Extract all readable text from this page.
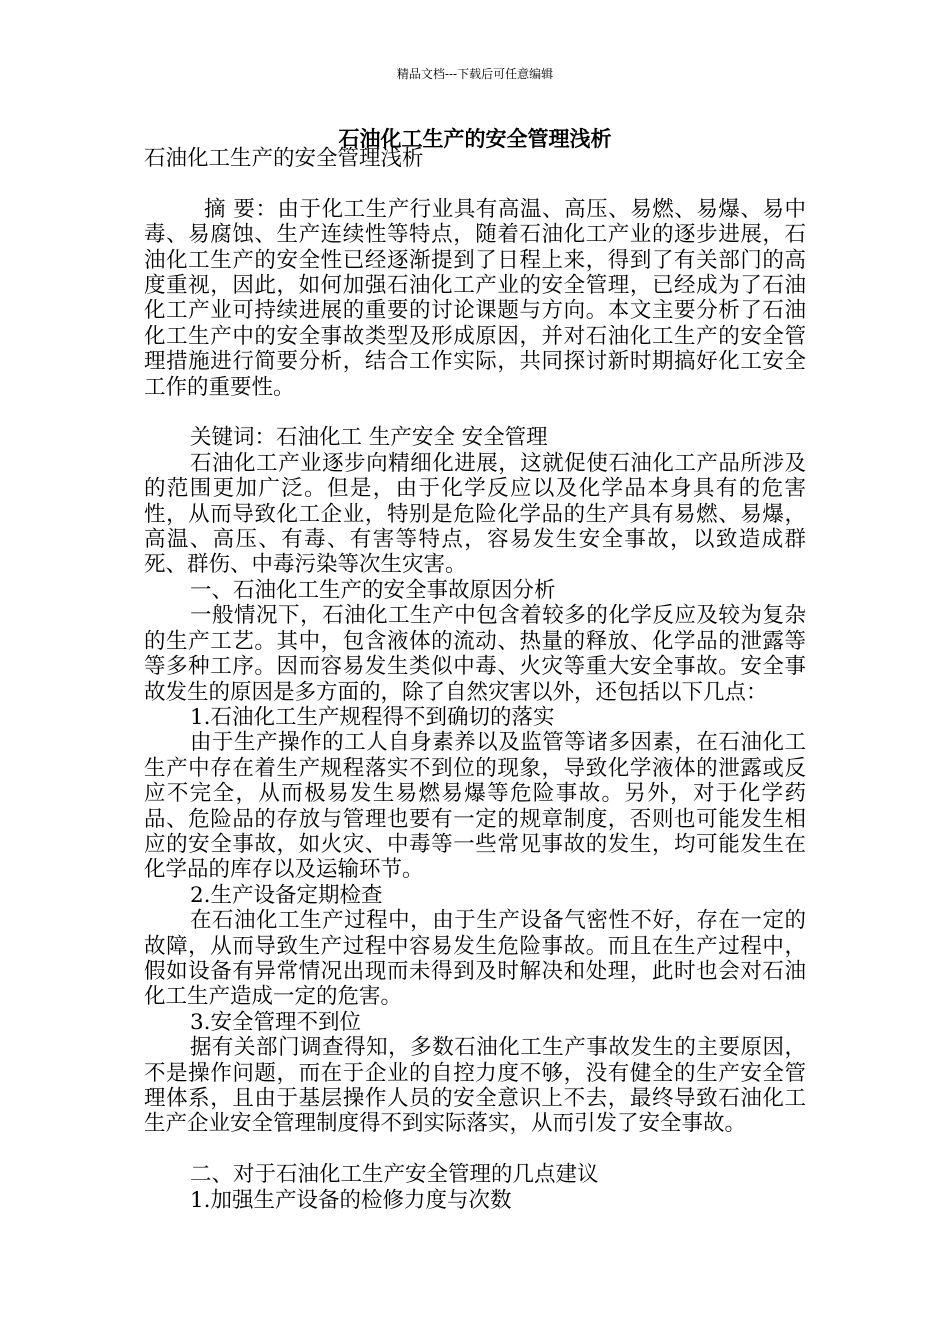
精品文档---下载后可任意编辑
石油化工生产的安全管理浅析

石油化工生产的安全管理浅析

摘 要：由于化工生产行业具有高温、高压、易燃、易爆、易中毒、易腐蚀、生产连续性等特点，随着石油化工产业的逐步进展，石油化工生产的安全性已经逐渐提到了日程上来，得到了有关部门的高度重视，因此，如何加强石油化工产业的安全管理，已经成为了石油化工产业可持续进展的重要的讨论课题与方向。本文主要分析了石油化工生产中的安全事故类型及形成原因，并对石油化工生产的安全管理措施进行简要分析，结合工作实际，共同探讨新时期搞好化工安全工作的重要性。

关键词：石油化工 生产安全 安全管理

石油化工产业逐步向精细化进展，这就促使石油化工产品所涉及的范围更加广泛。但是，由于化学反应以及化学品本身具有的危害性，从而导致化工企业，特别是危险化学品的生产具有易燃、易爆，高温、高压、有毒、有害等特点，容易发生安全事故，以致造成群死、群伤、中毒污染等次生灾害。

一、石油化工生产的安全事故原因分析

一般情况下，石油化工生产中包含着较多的化学反应及较为复杂的生产工艺。其中，包含液体的流动、热量的释放、化学品的泄露等等多种工序。因而容易发生类似中毒、火灾等重大安全事故。安全事故发生的原因是多方面的，除了自然灾害以外，还包括以下几点：

1.石油化工生产规程得不到确切的落实

由于生产操作的工人自身素养以及监管等诸多因素，在石油化工生产中存在着生产规程落实不到位的现象，导致化学液体的泄露或反应不完全，从而极易发生易燃易爆等危险事故。另外，对于化学药品、危险品的存放与管理也要有一定的规章制度，否则也可能发生相应的安全事故，如火灾、中毒等一些常见事故的发生，均可能发生在化学品的库存以及运输环节。

2.生产设备定期检查

在石油化工生产过程中，由于生产设备气密性不好，存在一定的故障，从而导致生产过程中容易发生危险事故。而且在生产过程中，假如设备有异常情况出现而未得到及时解决和处理，此时也会对石油化工生产造成一定的危害。

3.安全管理不到位

据有关部门调查得知，多数石油化工生产事故发生的主要原因，不是操作问题，而在于企业的自控力度不够，没有健全的生产安全管理体系，且由于基层操作人员的安全意识上不去，最终导致石油化工生产企业安全管理制度得不到实际落实，从而引发了安全事故。

二、对于石油化工生产安全管理的几点建议

1.加强生产设备的检修力度与次数
